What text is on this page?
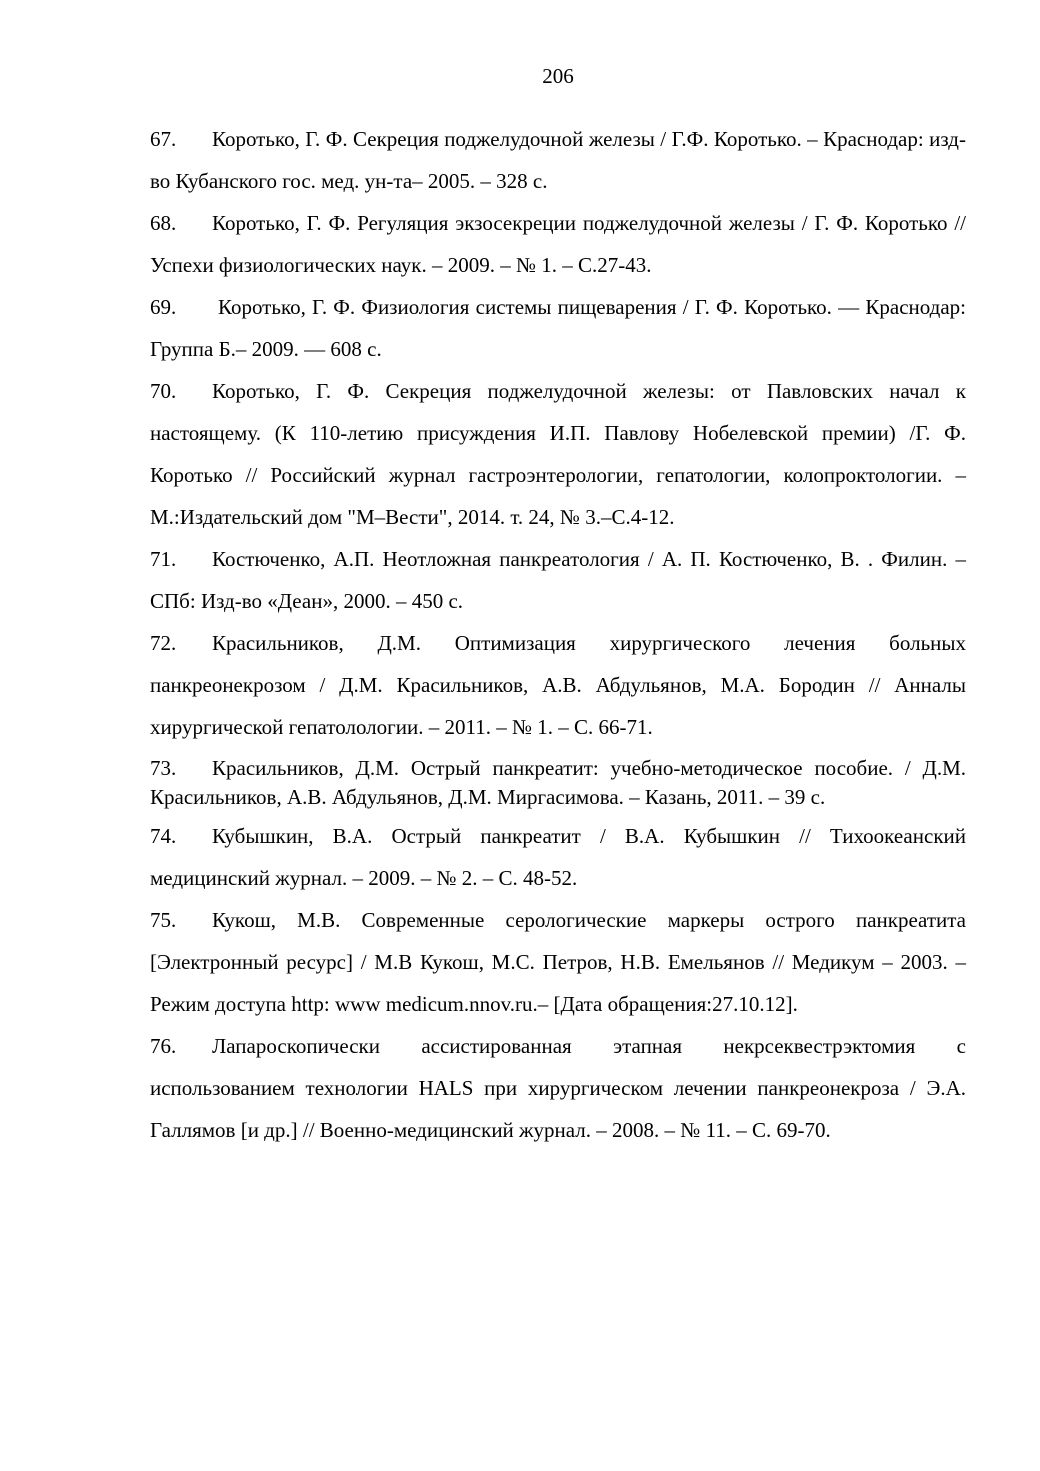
206

67. Коротько, Г. Ф. Секреция поджелудочной железы / Г.Ф. Коротько. – Краснодар: изд-во Кубанского гос. мед. ун-та– 2005. – 328 с.

68. Коротько, Г. Ф. Регуляция экзосекреции поджелудочной железы / Г. Ф. Коротько // Успехи физиологических наук. – 2009. – № 1. – С.27-43.

69. Коротько, Г. Ф. Физиология системы пищеварения / Г. Ф. Коротько. — Краснодар: Группа Б.– 2009. — 608 с.

70. Коротько, Г. Ф. Секреция поджелудочной железы: от Павловских начал к настоящему. (К 110-летию присуждения И.П. Павлову Нобелевской премии) /Г. Ф. Коротько // Российский журнал гастроэнтерологии, гепатологии, колопроктологии. – М.:Издательский дом "М–Вести", 2014. т. 24, № 3.–С.4-12.

71. Костюченко, А.П. Неотложная панкреатология / А. П. Костюченко, В. . Филин. – СПб: Изд-во «Деан», 2000. – 450 с.

72. Красильников, Д.М. Оптимизация хирургического лечения больных панкреонекрозом / Д.М. Красильников, А.В. Абдульянов, М.А. Бородин // Анналы хирургической гепатолологии. – 2011. – № 1. – С. 66-71.

73. Красильников, Д.М. Острый панкреатит: учебно-методическое пособие. / Д.М. Красильников, А.В. Абдульянов, Д.М. Миргасимова. – Казань, 2011. – 39 с.

74. Кубышкин, В.А. Острый панкреатит / В.А. Кубышкин // Тихоокеанский медицинский журнал. – 2009. – № 2. – С. 48-52.

75. Кукош, М.В. Современные серологические маркеры острого панкреатита [Электронный ресурс] / М.В Кукош, М.С. Петров, Н.В. Емельянов // Медикум – 2003. – Режим доступа http: www medicum.nnov.ru.– [Дата обращения:27.10.12].

76. Лапароскопически ассистированная этапная некрсеквестрэктомия с использованием технологии HALS при хирургическом лечении панкреонекроза / Э.А. Галлямов [и др.] // Военно-медицинский журнал. – 2008. – № 11. – С. 69-70.
